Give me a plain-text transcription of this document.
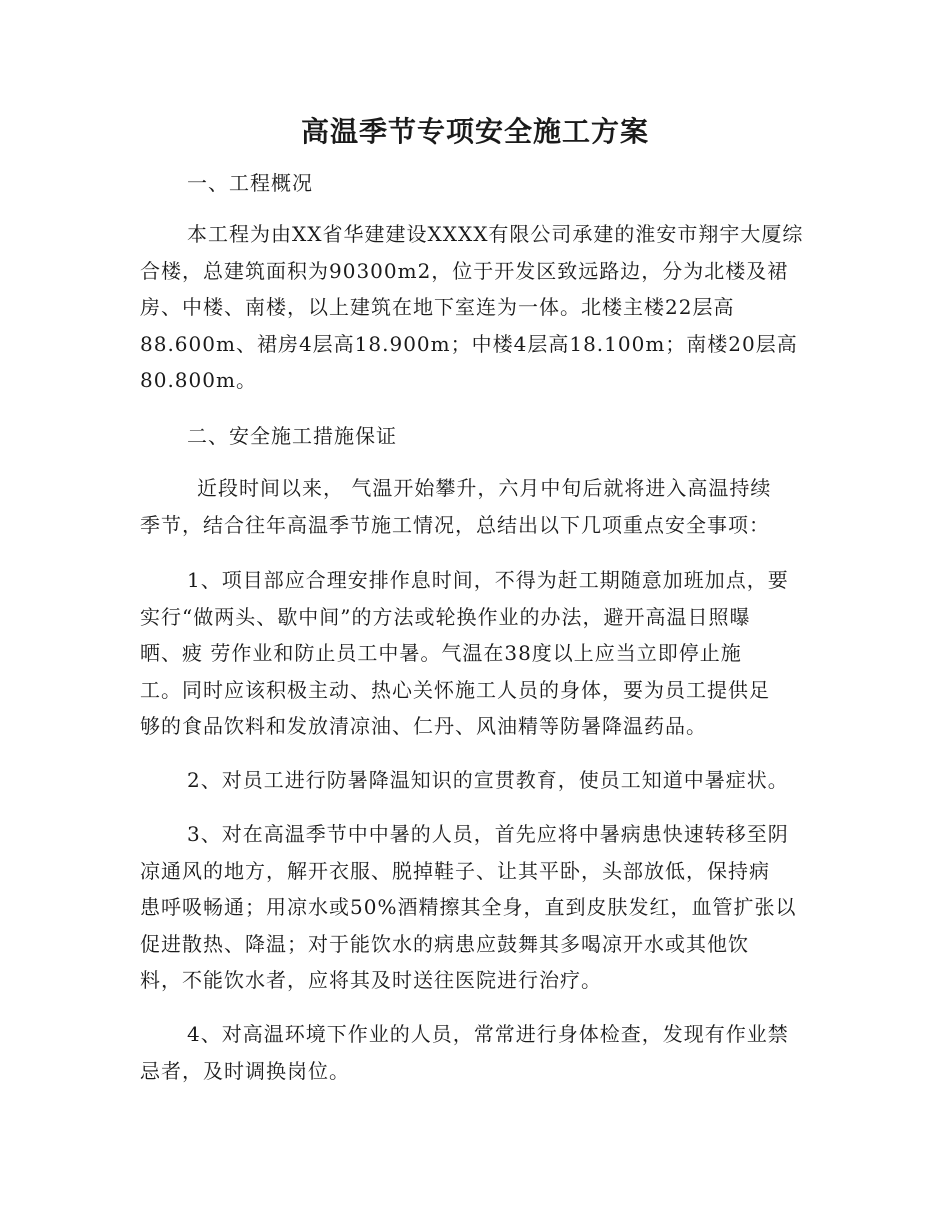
高温季节专项安全施工方案
一、工程概况
本工程为由XX省华建建设XXXX有限公司承建的淮安市翔宇大厦综
合楼，总建筑面积为90300m2，位于开发区致远路边，分为北楼及裙
房、中楼、南楼，以上建筑在地下室连为一体。北楼主楼22层高
88.600m、裙房4层高18.900m；中楼4层高18.100m；南楼20层高
80.800m。
二、安全施工措施保证
近段时间以来， 气温开始攀升，六月中旬后就将进入高温持续
季节，结合往年高温季节施工情况，总结出以下几项重点安全事项：
1、项目部应合理安排作息时间，不得为赶工期随意加班加点，要
实行“做两头、歇中间”的方法或轮换作业的办法，避开高温日照曝
晒、疲 劳作业和防止员工中暑。气温在38度以上应当立即停止施
工。同时应该积极主动、热心关怀施工人员的身体，要为员工提供足
够的食品饮料和发放清凉油、仁丹、风油精等防暑降温药品。
2、对员工进行防暑降温知识的宣贯教育，使员工知道中暑症状。
3、对在高温季节中中暑的人员，首先应将中暑病患快速转移至阴
凉通风的地方，解开衣服、脱掉鞋子、让其平卧，头部放低，保持病
患呼吸畅通；用凉水或50%酒精擦其全身，直到皮肤发红，血管扩张以
促进散热、降温；对于能饮水的病患应鼓舞其多喝凉开水或其他饮
料，不能饮水者，应将其及时送往医院进行治疗。
4、对高温环境下作业的人员，常常进行身体检查，发现有作业禁
忌者，及时调换岗位。
